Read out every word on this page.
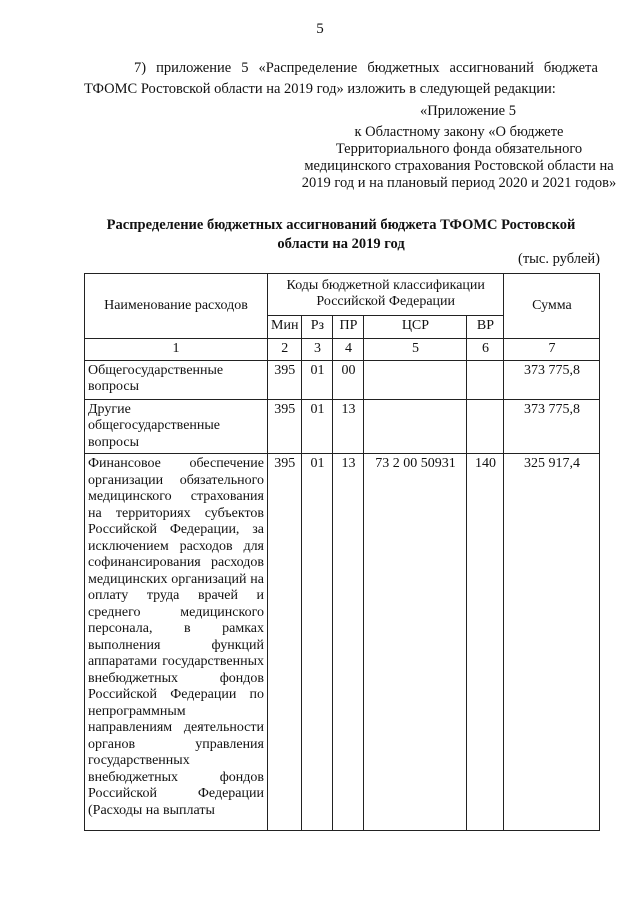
5
7) приложение 5 «Распределение бюджетных ассигнований бюджета ТФОМС Ростовской области на 2019 год» изложить в следующей редакции:
«Приложение 5
к Областному закону «О бюджете Территориального фонда обязательного медицинского страхования Ростовской области на 2019 год и на плановый период 2020 и 2021 годов»
Распределение бюджетных ассигнований бюджета ТФОМС Ростовской области на 2019 год
(тыс. рублей)
Наименование расходов	Коды бюджетной классификации Российской Федерации					Сумма
	Мин	Рз	ПР	ЦСР	ВР	
1	2	3	4	5	6	7
Общегосударственные вопросы	395	01	00			373 775,8
Другие общегосударственные вопросы	395	01	13			373 775,8
Финансовое обеспечение организации обязательного медицинского страхования на территориях субъектов Российской Федерации, за исключением расходов для софинансирования расходов медицинских организаций на оплату труда врачей и среднего медицинского персонала, в рамках выполнения функций аппаратами государственных внебюджетных фондов Российской Федерации по непрограммным направлениям деятельности органов управления государственных внебюджетных фондов Российской Федерации (Расходы на выплаты	395	01	13	73 2 00 50931	140	325 917,4
